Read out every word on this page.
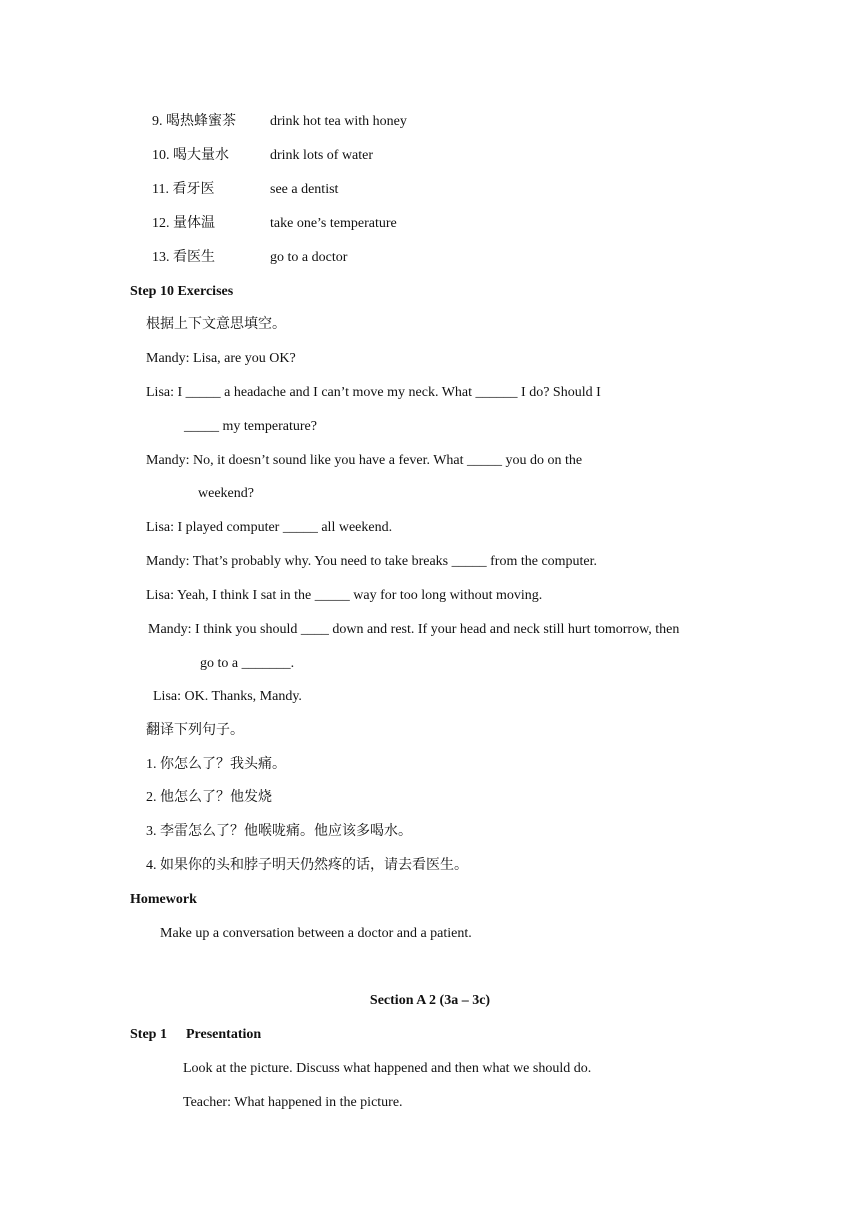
9. 喝热蜂蜜茶 drink hot tea with honey
10. 喝大量水	drink lots of water
11. 看牙医	see a dentist
12. 量体温	take one’s temperature
13. 看医生	go to a doctor
Step 10 Exercises
根据上下文意思填空。
Mandy: Lisa, are you OK?
Lisa: I _____ a headache and I can’t move my neck. What ______ I do? Should I
_____ my temperature?
Mandy: No, it doesn’t sound like you have a fever. What _____ you do on the
weekend?
Lisa: I played computer _____ all weekend.
Mandy: That’s probably why. You need to take breaks _____ from the computer.
Lisa: Yeah, I think I sat in the _____ way for too long without moving.
Mandy: I think you should ____ down and rest. If your head and neck still hurt tomorrow, then
go to a _______.
Lisa: OK. Thanks, Mandy.
翻译下列句子。
1. 你怎么了？我头痛。
2. 他怎么了？他发烧
3. 李雷怎么了？他喉咙痛。他应该多喝水。
4. 如果你的头和脖子明天仍然疼的话，请去看医生。
Homework
Make up a conversation between a doctor and a patient.
Section A 2 (3a – 3c)
Step 1 Presentation
Look at the picture. Discuss what happened and then what we should do.
Teacher: What happened in the picture.
